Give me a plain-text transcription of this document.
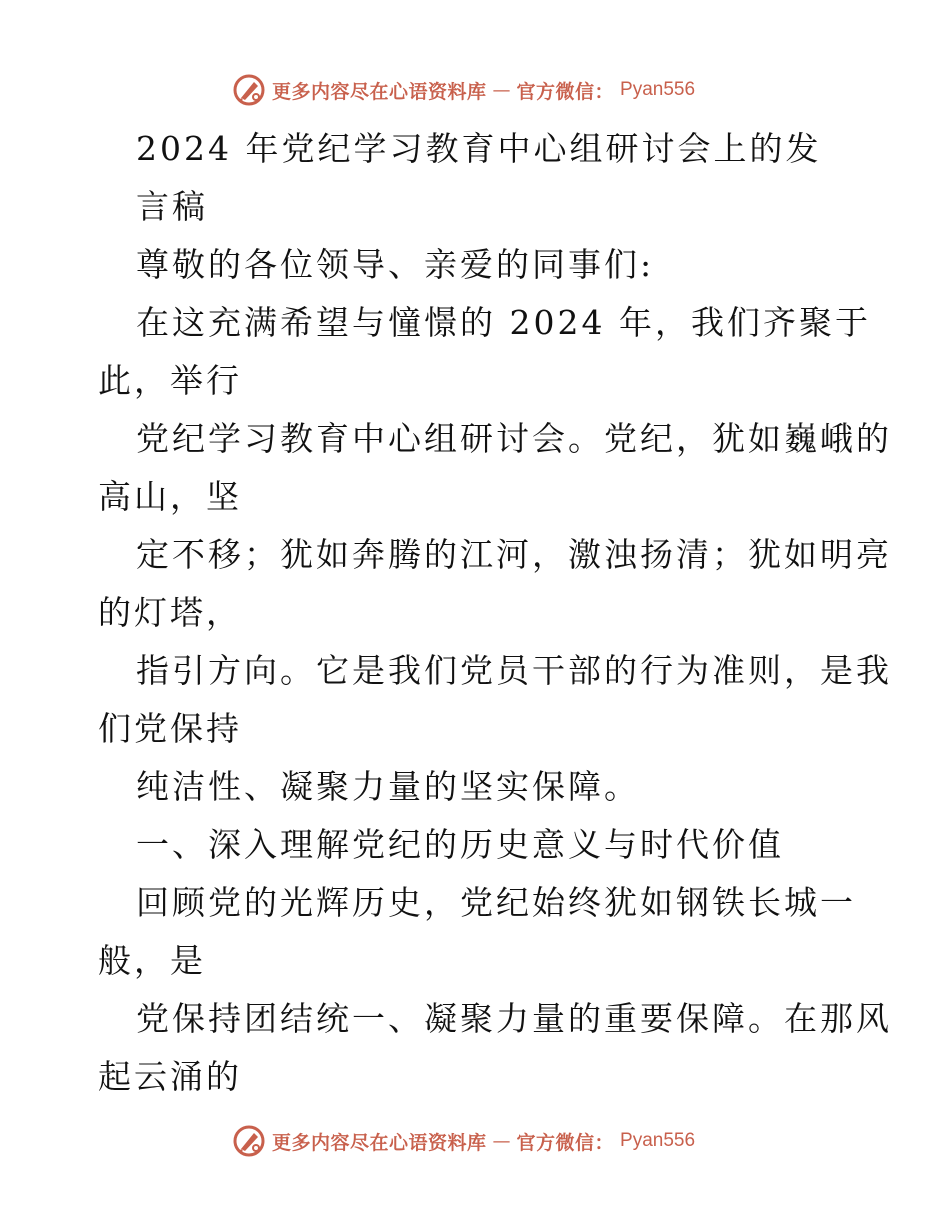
更多内容尽在心语资料库 — 官方微信： Pyan556
2024 年党纪学习教育中心组研讨会上的发
言稿
尊敬的各位领导、亲爱的同事们:
在这充满希望与憧憬的 2024 年，我们齐聚于
此，举行
党纪学习教育中心组研讨会。党纪，犹如巍峨的
高山，坚
定不移；犹如奔腾的江河，激浊扬清；犹如明亮
的灯塔，
指引方向。它是我们党员干部的行为准则，是我
们党保持
纯洁性、凝聚力量的坚实保障。
一、深入理解党纪的历史意义与时代价值
回顾党的光辉历史，党纪始终犹如钢铁长城一
般，是
党保持团结统一、凝聚力量的重要保障。在那风
起云涌的
更多内容尽在心语资料库 — 官方微信： Pyan556
